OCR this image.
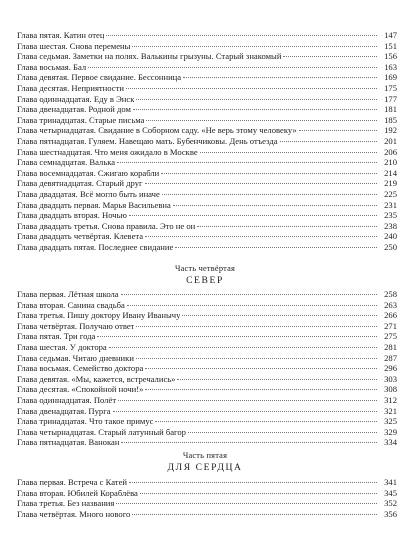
Глава пятая. Катин отец	147
Глава шестая. Снова перемены	151
Глава седьмая. Заметки на полях. Валькины грызуны. Старый знакомый	156
Глава восьмая. Бал	163
Глава девятая. Первое свидание. Бессонница	169
Глава десятая. Неприятности	175
Глава одиннадцатая. Еду в Энск	177
Глава двенадцатая. Родной дом	181
Глава тринадцатая. Старые письма	185
Глава четырнадцатая. Свидание в Соборном саду. «Не верь этому человеку»	192
Глава пятнадцатая. Гуляем. Навещаю мать. Бубенчиковы. День отъезда	201
Глава шестнадцатая. Что меня ожидало в Москве	206
Глава семнадцатая. Валька	210
Глава восемнадцатая. Сжигаю корабли	214
Глава девятнадцатая. Старый друг	219
Глава двадцатая. Всё могло быть иначе	225
Глава двадцать первая. Марья Васильевна	231
Глава двадцать вторая. Ночью	235
Глава двадцать третья. Снова правила. Это не он	238
Глава двадцать четвёртая. Клевета	240
Глава двадцать пятая. Последнее свидание	250
Часть четвёртая
СЕВЕР
Глава первая. Лётная школа	258
Глава вторая. Санина свадьба	263
Глава третья. Пишу доктору Ивану Иванычу	266
Глава четвёртая. Получаю ответ	271
Глава пятая. Три года	275
Глава шестая. У доктора	281
Глава седьмая. Читаю дневники	287
Глава восьмая. Семейство доктора	296
Глава девятая. «Мы, кажется, встречались»	303
Глава десятая. «Спокойной ночи!»	308
Глава одиннадцатая. Полёт	312
Глава двенадцатая. Пурга	321
Глава тринадцатая. Что такое примус	325
Глава четырнадцатая. Старый латунный багор	329
Глава пятнадцатая. Ванокан	334
Часть пятая
ДЛЯ СЕРДЦА
Глава первая. Встреча с Катей	341
Глава вторая. Юбилей Кораблёва	345
Глава третья. Без названия	352
Глава четвёртая. Много нового	356
